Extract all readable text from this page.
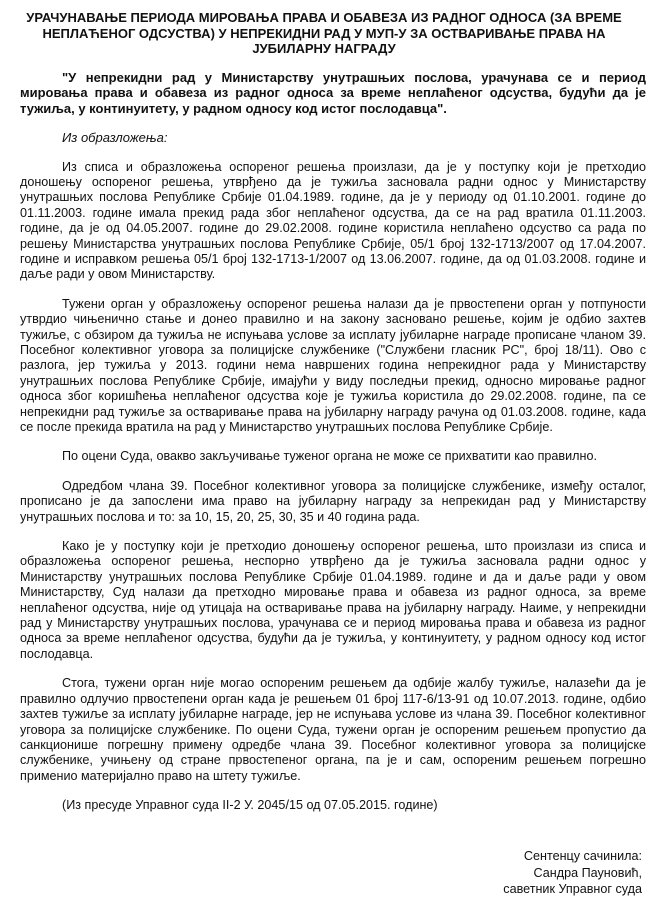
УРАЧУНАВАЊЕ ПЕРИОДА МИРОВАЊА ПРАВА И ОБАВЕЗА ИЗ РАДНОГ ОДНОСА (ЗА ВРЕМЕ НЕПЛАЋЕНОГ ОДСУСТВА) У НЕПРЕКИДНИ РАД У МУП-У ЗА ОСТВАРИВАЊЕ ПРАВА НА ЈУБИЛАРНУ НАГРАДУ
"У непрекидни рад у Министарству унутрашњих послова, урачунава се и период мировања права и обавеза из радног односа за време неплаћеног одсуства, будући да је тужиља, у континуитету, у радном односу код истог послодавца".
Из образложења:
Из списа и образложења оспореног решења произлази, да је у поступку који је претходио доношењу оспореног решења, утврђено да је тужиља засновала радни однос у Министарству унутрашњих послова Републике Србије 01.04.1989. године, да је у периоду од 01.10.2001. године до 01.11.2003. године имала прекид рада због неплаћеног одсуства, да се на рад вратила 01.11.2003. године, да је од 04.05.2007. године до 29.02.2008. године користила неплаћено одсуство са рада по решењу Министарства унутрашњих послова Републике Србије, 05/1 број 132-1713/2007 од 17.04.2007. године и исправком решења 05/1 број 132-1713-1/2007 од 13.06.2007. године, да од 01.03.2008. године и даље ради у овом Министарству.
Тужени орган у образложењу оспореног решења налази да је првостепени орган у потпуности утврдио чињенично стање и донео правилно и на закону засновано решење, којим је одбио захтев тужиље, с обзиром да тужиља не испуњава услове за исплату јубиларне награде прописане чланом 39. Посебног колективног уговора за полицијске службенике ("Службени гласник РС", број 18/11). Ово с разлога, јер тужиља у 2013. години нема навршених година непрекидног рада у Министарству унутрашњих послова Републике Србије, имајући у виду последњи прекид, односно мировање радног односа због коришћења неплаћеног одсуства које је тужиља користила до 29.02.2008. године, па се непрекидни рад тужиље за остваривање права на јубиларну награду рачуна од 01.03.2008. године, када се после прекида вратила на рад у Министарство унутрашњих послова Републике Србије.
По оцени Суда, овакво закључивање туженог органа не може се прихватити као правилно.
Одредбом члана 39. Посебног колективног уговора за полицијске службенике, између осталог, прописано је да запослени има право на јубиларну награду за непрекидан рад у Министарству унутрашњих послова и то: за 10, 15, 20, 25, 30, 35 и 40 година рада.
Како је у поступку који је претходио доношењу оспореног решења, што произлази из списа и образложења оспореног решења, неспорно утврђено да је тужиља засновала радни однос у Министарству унутрашњих послова Републике Србије 01.04.1989. године и да и даље ради у овом Министарству, Суд налази да претходно мировање права и обавеза из радног односа, за време неплаћеног одсуства, није од утицаја на остваривање права на јубиларну награду. Наиме, у непрекидни рад у Министарству унутрашњих послова, урачунава се и период мировања права и обавеза из радног односа за време неплаћеног одсуства, будући да је тужиља, у континуитету, у радном односу код истог послодавца.
Стога, тужени орган није могао оспореним решењем да одбије жалбу тужиље, налазећи да је правилно одлучио првостепени орган када је решењем 01 број 117-6/13-91 од 10.07.2013. године, одбио захтев тужиље за исплату јубиларне награде, јер не испуњава услове из члана 39. Посебног колективног уговора за полицијске службенике. По оцени Суда, тужени орган је оспореним решењем пропустио да санкционише погрешну примену одредбе члана 39. Посебног колективног уговора за полицијске службенике, учињену од стране првостепеног органа, па је и сам, оспореним решењем погрешно применио материјално право на штету тужиље.
(Из пресуде Управног суда II-2 У. 2045/15 од 07.05.2015. године)
Сентенцу сачинила:
Сандра Пауновић,
саветник Управног суда
